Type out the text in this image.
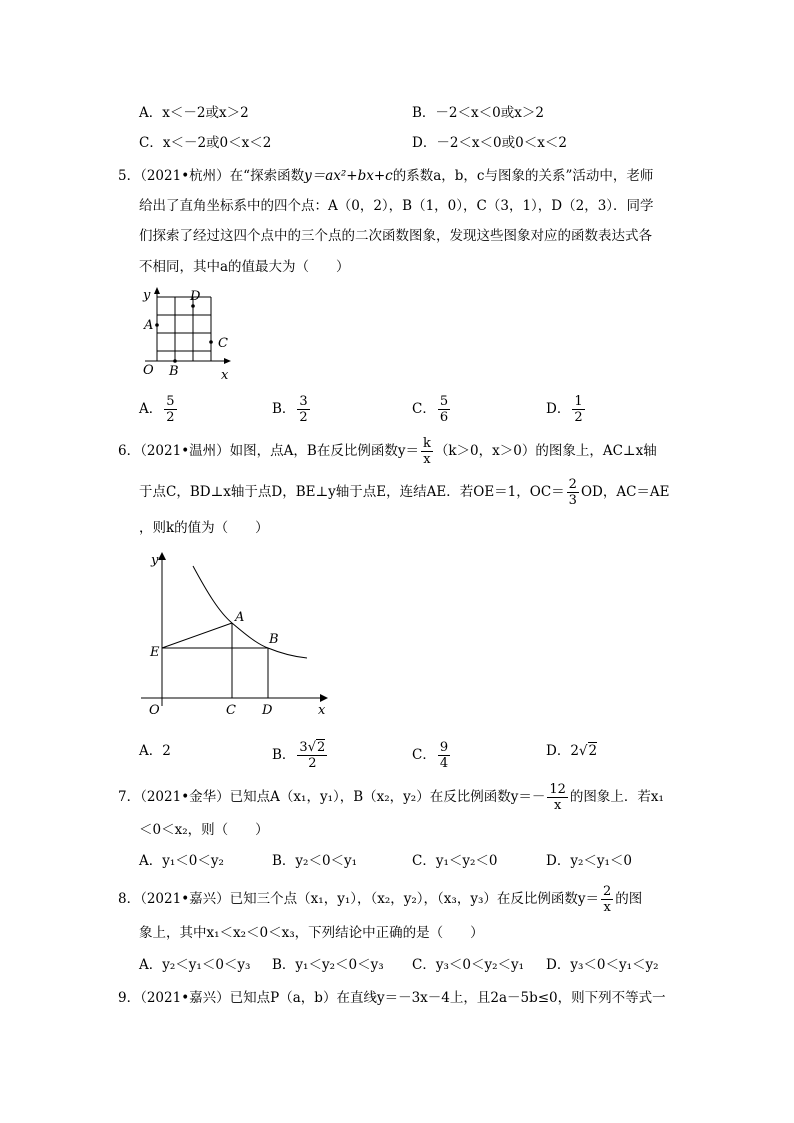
A．x＜－2或x＞2	B．－2＜x＜0或x＞2
C．x＜－2或0＜x＜2	D．－2＜x＜0或0＜x＜2
5．（2021•杭州）在“探索函数y＝ax²+bx+c的系数a，b，c与图象的关系”活动中，老师
给出了直角坐标系中的四个点：A（0，2），B（1，0），C（3，1），D（2，3）．同学
们探索了经过这四个点中的三个点的二次函数图象，发现这些图象对应的函数表达式各
不相同，其中a的值最大为（　　）
y
x
O
A
B
C
D
A． $\frac{5}{2}$	B． $\frac{3}{2}$	C． $\frac{5}{6}$	D． $\frac{1}{2}$
6．（2021•温州）如图，点A，B在反比例函数$y= \frac{k}{x} (k>0$，x＞0）的图象上，AC⊥x轴
于点C，BD⊥x轴于点D，BE⊥y轴于点E，连结AE．若OE＝1，$OC= \frac{2}{3}$ OD，AC＝AE
，则k的值为（　　）
y
x
O
A
B
C D
E
A．2	B． $\frac{3√2}{2}$	C． $\frac{9}{4}$	D．2√2
7．（2021•金华）已知点A（x₁，y₁），B（x₂，y₂）在反比例函数$y=- \frac{12}{x}$ 的图象上．若x₁
＜0＜x₂，则（　　）
A．y₁＜0＜y₂	B．y₂＜0＜y₁	C．y₁＜y₂＜0	D．y₂＜y₁＜0
8．（2021•嘉兴）已知三个点（x₁，y₁），（x₂，y₂），（x₃，y₃）在反比例函数$y= \frac{2}{x}$ 的图
象上，其中x₁＜x₂＜0＜x₃，下列结论中正确的是（　　）
A．y₂＜y₁＜0＜y₃ B．y₁＜y₂＜0＜y₃ C．y₃＜0＜y₂＜y₁ D．y₃＜0＜y₁＜y₂
9．（2021•嘉兴）已知点P（a，b）在直线y＝－3x－4上，且2a－5b≤0，则下列不等式一
